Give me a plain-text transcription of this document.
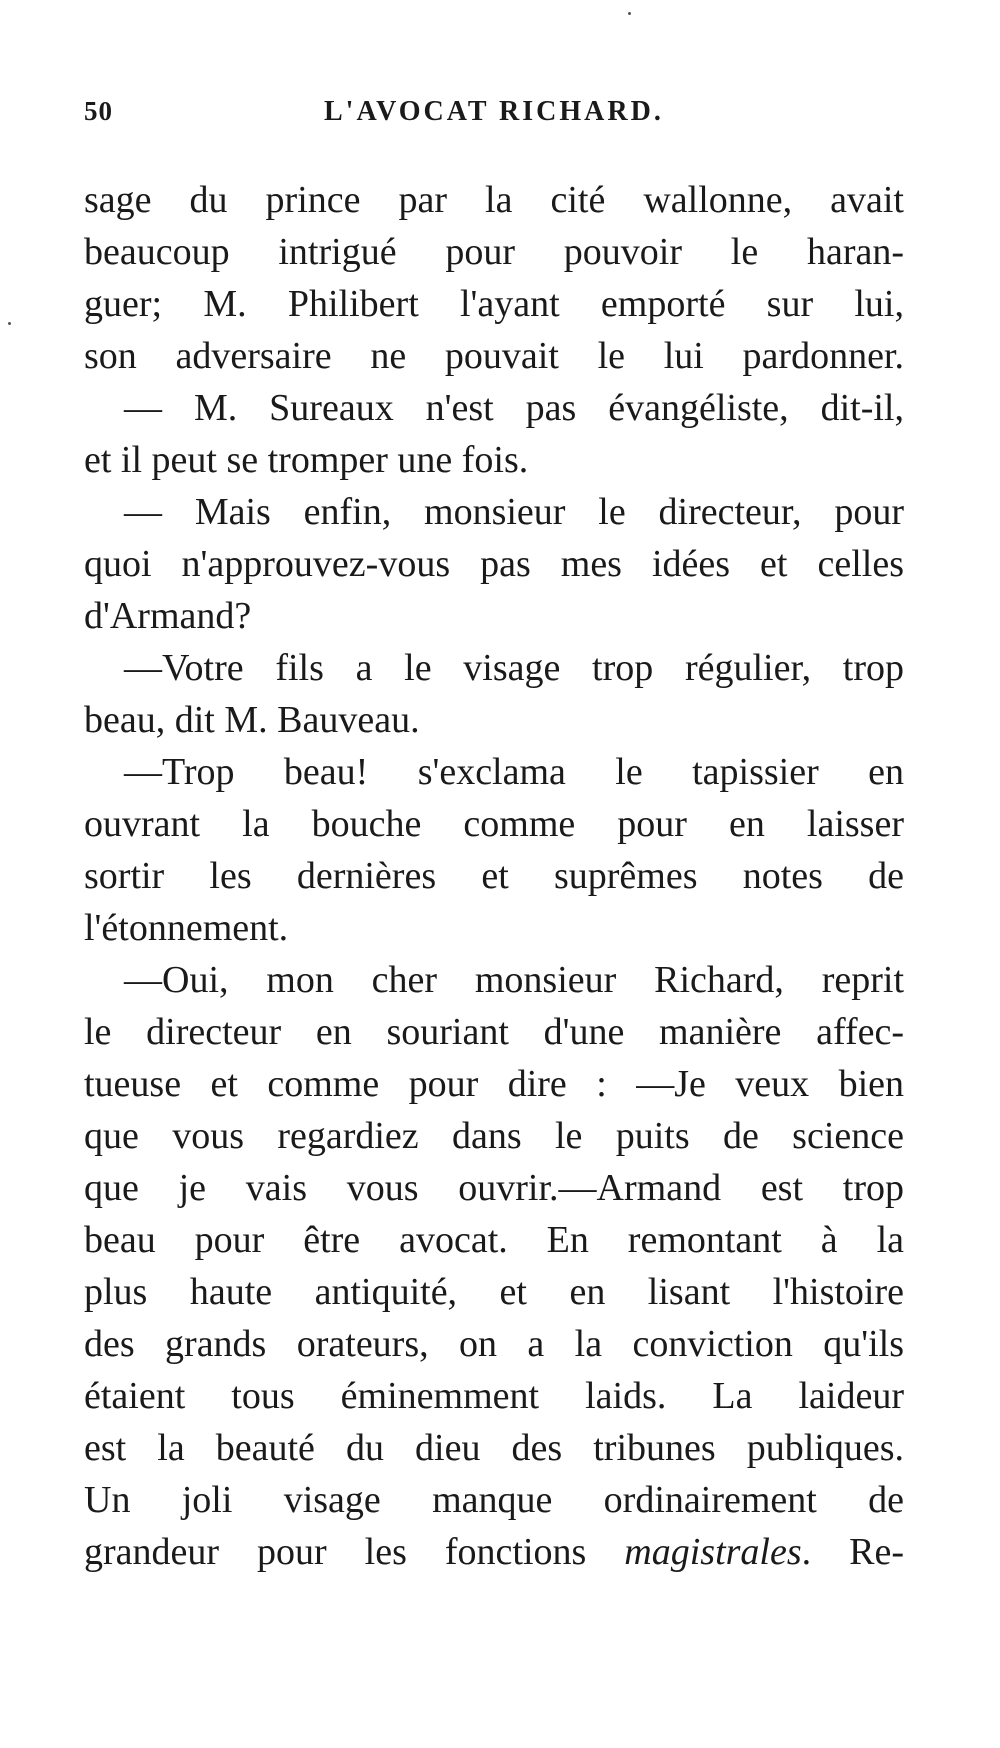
50	L'AVOCAT RICHARD.
sage du prince par la cité wallonne, avait
beaucoup intrigué pour pouvoir le haran-
guer; M. Philibert l'ayant emporté sur lui,
son adversaire ne pouvait le lui pardonner.
— M. Sureaux n'est pas évangéliste, dit-il,
et il peut se tromper une fois.
— Mais enfin, monsieur le directeur, pour
quoi n'approuvez-vous pas mes idées et celles
d'Armand?
—Votre fils a le visage trop régulier, trop
beau, dit M. Bauveau.
—Trop beau! s'exclama le tapissier en
ouvrant la bouche comme pour en laisser
sortir les dernières et suprêmes notes de
l'étonnement.
—Oui, mon cher monsieur Richard, reprit
le directeur en souriant d'une manière affec-
tueuse et comme pour dire : —Je veux bien
que vous regardiez dans le puits de science
que je vais vous ouvrir.—Armand est trop
beau pour être avocat. En remontant à la
plus haute antiquité, et en lisant l'histoire
des grands orateurs, on a la conviction qu'ils
étaient tous éminemment laids. La laideur
est la beauté du dieu des tribunes publiques.
Un joli visage manque ordinairement de
grandeur pour les fonctions magistrales. Re-
